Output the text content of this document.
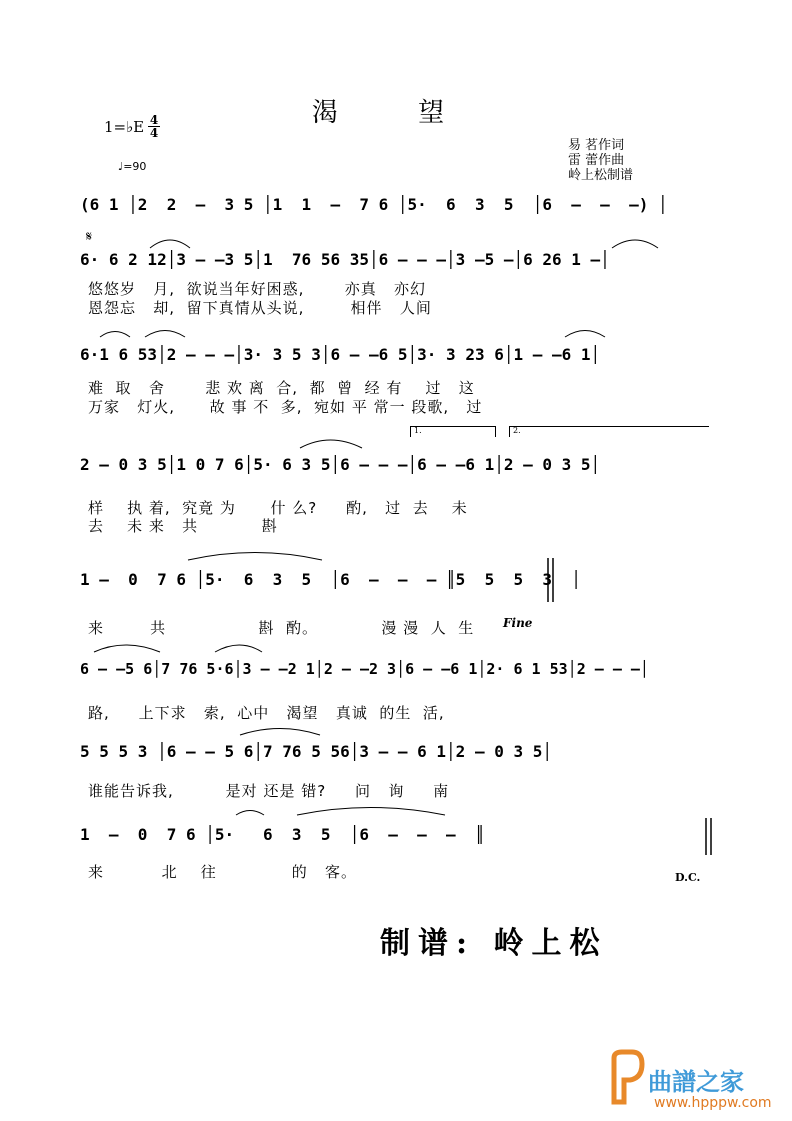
渴 望
1=♭E 4
4
♩=90
易 茗作词
雷 蕾作曲
岭上松制谱
(6 1 │2  2  –  3 5 │1  1  –  7 6 │5·  6  3  5  │6  –  –  –) │
𝄋
6· 6 2 12│3 – –3 5│1  76 56 35│6 – – –│3 –5 –│6 26 1 –│
悠悠岁   月,  欲说当年好困惑,       亦真   亦幻
恩怨忘   却,  留下真情从头说,        相伴   人间
6·1 6 53│2 – – –│3· 3 5 3│6 – –6 5│3· 3 23 6│1 – –6 1│
难  取   舍       悲 欢 离  合,  都  曾  经 有    过   这
万家   灯火,      故 事 不  多,  宛如 平 常一 段歌,   过
1.	2.
2 – 0 3 5│1 0 7 6│5· 6 3 5│6 – – –│6 – –6 1│2 – 0 3 5│
样    执 着,  究竟 为      什 么?     酌,   过  去    未
去    未 来   共           斟
1 –  0  7 6 │5·  6  3  5  │6  –  –  – ║5  5  5  3  │
来        共                斟  酌。           漫 漫  人  生	Fine
6 – –5 6│7 76 5·6│3 – –2 1│2 – –2 3│6 – –6 1│2· 6 1 53│2 – – –│
路,     上下求   索,  心中   渴望   真诚  的生  活,
5 5 5 3 │6 – – 5 6│7 76 5 56│3 – – 6 1│2 – 0 3 5│
谁能告诉我,         是对 还是 错?     问   询     南
1  –  0  7 6 │5·   6  3  5  │6  –  –  –  ║
来          北    往             的   客。	D.C.
制谱: 岭上松
曲譜之家
www.hpppw.com
